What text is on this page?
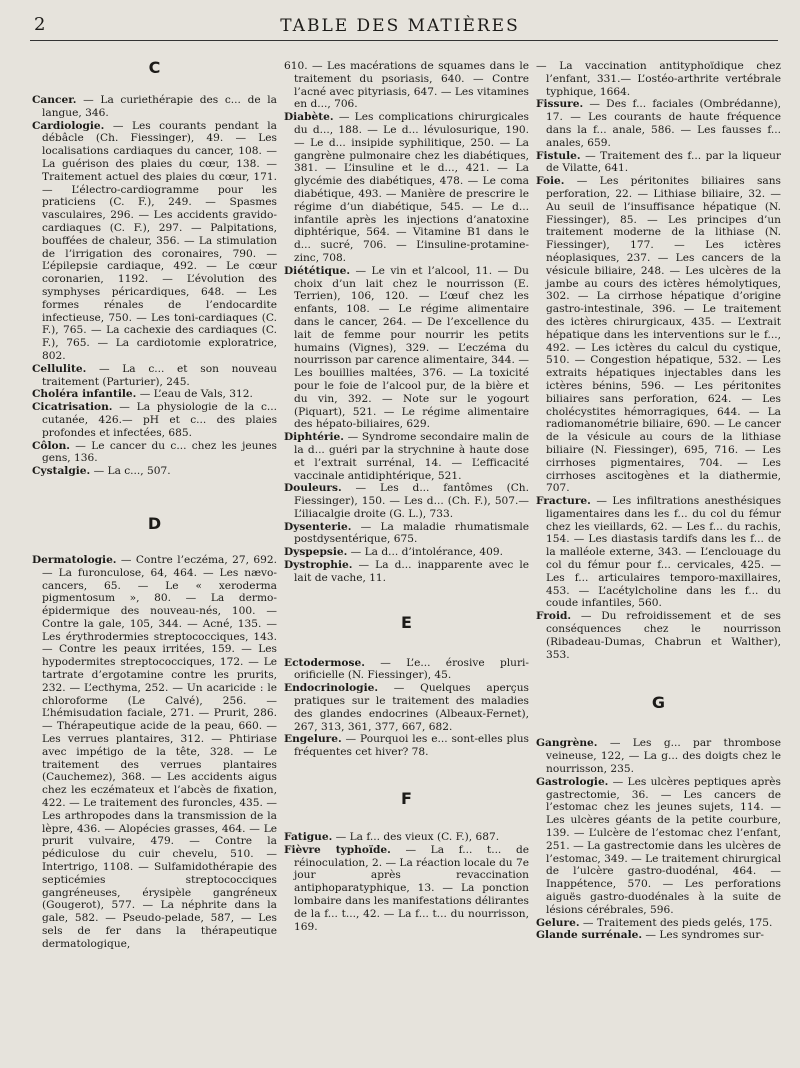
2	TABLE DES MATIÈRES
C

Cancer. — La curiethérapie des c... de la langue, 346.

Cardiologie. — Les courants pendant la débâcle (Ch. Fiessinger), 49. — Les localisations cardiaques du cancer, 108. — La guérison des plaies du cœur, 138. — Traitement actuel des plaies du cœur, 171. — L’électro-cardiogramme pour les praticiens (C. F.), 249. — Spasmes vasculaires, 296. — Les accidents gravido-cardiaques (C. F.), 297. — Palpitations, bouffées de chaleur, 356. — La stimulation de l’irrigation des coronaires, 790. — L’épilepsie cardiaque, 492. — Le cœur coronarien, 1192. — L’évolution des symphyses péricardiques, 648. — Les formes rénales de l’endocardite infectieuse, 750. — Les toni-cardiaques (C. F.), 765. — La cachexie des cardiaques (C. F.), 765. — La cardiotomie exploratrice, 802.

Cellulite. — La c... et son nouveau traitement (Parturier), 245.

Choléra infantile. — L’eau de Vals, 312.

Cicatrisation. — La physiologie de la c... cutanée, 426.— pH et c... des plaies profondes et infectées, 685.

Côlon. — Le cancer du c... chez les jeunes gens, 136.

Cystalgie. — La c..., 507.

D

Dermatologie. — Contre l’eczéma, 27, 692. — La furonculose, 64, 464. — Les nævo-cancers, 65. — Le « xeroderma pigmentosum », 80. — La dermo-épidermique des nouveau-nés, 100. — Contre la gale, 105, 344. — Acné, 135. — Les érythrodermies streptococciques, 143. — Contre les peaux irritées, 159. — Les hypodermites streptococciques, 172. — Le tartrate d’ergotamine contre les prurits, 232. — L’ecthyma, 252. — Un acaricide : le chloroforme (Le Calvé), 256. — L’hémisudation faciale, 271. — Prurit, 286. — Thérapeutique acide de la peau, 660. — Les verrues plantaires, 312. — Phtiriase avec impétigo de la tête, 328. — Le traitement des verrues plantaires (Cauchemez), 368. — Les accidents aigus chez les eczémateux et l’abcès de fixation, 422. — Le traitement des furoncles, 435. — Les arthropodes dans la transmission de la lèpre, 436. — Alopécies grasses, 464. — Le prurit vulvaire, 479. — Contre la pédiculose du cuir chevelu, 510. — Intertrigo, 1108. — Sulfamidothérapie des septicémies streptococciques gangréneuses, érysipèle gangréneux (Gougerot), 577. — La néphrite dans la gale, 582. — Pseudo-pelade, 587, — Les sels de fer dans la thérapeutique dermatologique,

610. — Les macérations de squames dans le traitement du psoriasis, 640. — Contre l’acné avec pityriasis, 647. — Les vitamines en d..., 706.

Diabète. — Les complications chirurgicales du d..., 188. — Le d... lévulosurique, 190. — Le d... insipide syphilitique, 250. — La gangrène pulmonaire chez les diabétiques, 381. — L’insuline et le d..., 421. — La glycémie des diabétiques, 478. — Le coma diabétique, 493. — Manière de prescrire le régime d’un diabétique, 545. — Le d... infantile après les injections d’anatoxine diphtérique, 564. — Vitamine B1 dans le d... sucré, 706. — L’insuline-protamine-zinc, 708.

Diététique. — Le vin et l’alcool, 11. — Du choix d’un lait chez le nourrisson (E. Terrien), 106, 120. — L’œuf chez les enfants, 108. — Le régime alimentaire dans le cancer, 264. — De l’excellence du lait de femme pour nourrir les petits humains (Vignes), 329. — L’eczéma du nourrisson par carence alimentaire, 344. — Les bouillies maltées, 376. — La toxicité pour le foie de l’alcool pur, de la bière et du vin, 392. — Note sur le yogourt (Piquart), 521. — Le régime alimentaire des hépato-biliaires, 629.

Diphtérie. — Syndrome secondaire malin de la d... guéri par la strychnine à haute dose et l’extrait surrénal, 14. — L’efficacité vaccinale antidiphtérique, 521.

Douleurs. — Les d... fantômes (Ch. Fiessinger), 150. — Les d... (Ch. F.), 507.— L’iliacalgie droite (G. L.), 733.

Dysenterie. — La maladie rhumatismale postdysentérique, 675.

Dyspepsie. — La d... d’intolérance, 409.

Dystrophie. — La d... inapparente avec le lait de vache, 11.

E

Ectodermose. — L’e... érosive pluri-orificielle (N. Fiessinger), 45.

Endocrinologie. — Quelques aperçus pratiques sur le traitement des maladies des glandes endocrines (Albeaux-Fernet), 267, 313, 361, 377, 667, 682.

Engelure. — Pourquoi les e... sont-elles plus fréquentes cet hiver? 78.

F

Fatigue. — La f... des vieux (C. F.), 687.

Fièvre typhoïde. — La f... t... de réinoculation, 2. — La réaction locale du 7e jour après revaccination antiphoparatyphique, 13. — La ponction lombaire dans les manifestations délirantes de la f... t..., 42. — La f... t... du nourrisson, 169.

— La vaccination antityphoïdique chez l’enfant, 331.— L’ostéo-arthrite vertébrale typhique, 1664.

Fissure. — Des f... faciales (Ombrédanne), 17. — Les courants de haute fréquence dans la f... anale, 586. — Les fausses f... anales, 659.

Fistule. — Traitement des f... par la liqueur de Vilatte, 641.

Foie. — Les péritonites biliaires sans perforation, 22. — Lithiase biliaire, 32. — Au seuil de l’insuffisance hépatique (N. Fiessinger), 85. — Les principes d’un traitement moderne de la lithiase (N. Fiessinger), 177. — Les ictères néoplasiques, 237. — Les cancers de la vésicule biliaire, 248. — Les ulcères de la jambe au cours des ictères hémolytiques, 302. — La cirrhose hépatique d’origine gastro-intestinale, 396. — Le traitement des ictères chirurgicaux, 435. — L’extrait hépatique dans les interventions sur le f..., 492. — Les ictères du calcul du cystique, 510. — Congestion hépatique, 532. — Les extraits hépatiques injectables dans les ictères bénins, 596. — Les péritonites biliaires sans perforation, 624. — Les cholécystites hémorragiques, 644. — La radiomanométrie biliaire, 690. — Le cancer de la vésicule au cours de la lithiase biliaire (N. Fiessinger), 695, 716. — Les cirrhoses pigmentaires, 704. — Les cirrhoses ascitogènes et la diathermie, 707.

Fracture. — Les infiltrations anesthésiques ligamentaires dans les f... du col du fémur chez les vieillards, 62. — Les f... du rachis, 154. — Les diastasis tardifs dans les f... de la malléole externe, 343. — L’enclouage du col du fémur pour f... cervicales, 425. — Les f... articulaires temporo-maxillaires, 453. — L’acétylcholine dans les f... du coude infantiles, 560.

Froid. — Du refroidissement et de ses conséquences chez le nourrisson (Ribadeau-Dumas, Chabrun et Walther), 353.

G

Gangrène. — Les g... par thrombose veineuse, 122, — La g... des doigts chez le nourrisson, 235.

Gastrologie. — Les ulcères peptiques après gastrectomie, 36. — Les cancers de l’estomac chez les jeunes sujets, 114. — Les ulcères géants de la petite courbure, 139. — L’ulcère de l’estomac chez l’enfant, 251. — La gastrectomie dans les ulcères de l’estomac, 349. — Le traitement chirurgical de l’ulcère gastro-duodénal, 464. — Inappétence, 570. — Les perforations aiguës gastro-duodénales à la suite de lésions cérébrales, 596.

Gelure. — Traitement des pieds gelés, 175.

Glande surrénale. — Les syndromes sur-
